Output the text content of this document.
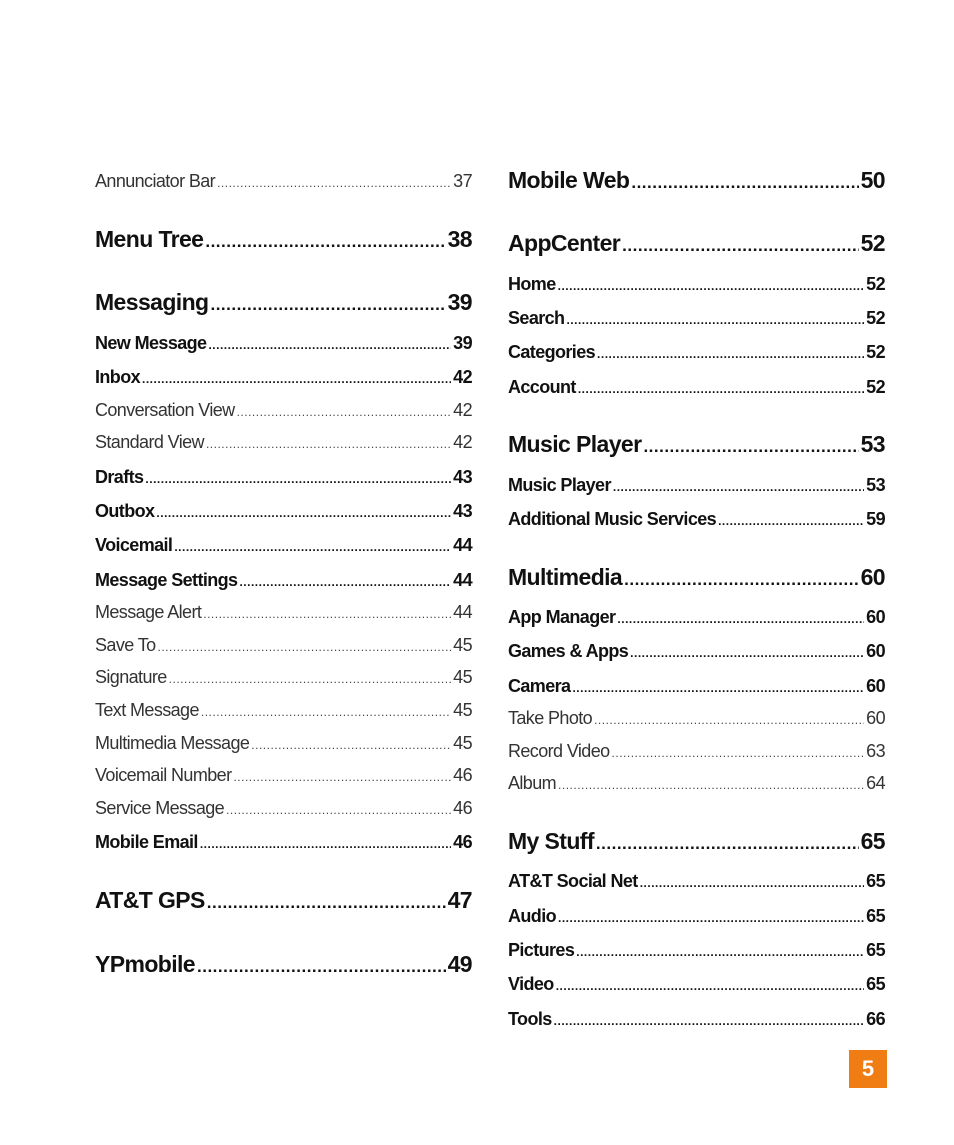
Annunciator Bar .....	37
Menu Tree .....	38
Messaging .....	39
New Message .....	39
Inbox .....	42
Conversation View .....	42
Standard View .....	42
Drafts .....	43
Outbox .....	43
Voicemail .....	44
Message Settings .....	44
Message Alert .....	44
Save To .....	45
Signature .....	45
Text Message .....	45
Multimedia Message .....	45
Voicemail Number .....	46
Service Message .....	46
Mobile Email .....	46
AT&T GPS .....	47
YPmobile .....	49
Mobile Web .....	50
AppCenter .....	52
Home .....	52
Search .....	52
Categories .....	52
Account .....	52
Music Player .....	53
Music Player .....	53
Additional Music Services .....	59
Multimedia .....	60
App Manager .....	60
Games & Apps .....	60
Camera .....	60
Take Photo .....	60
Record Video .....	63
Album .....	64
My Stuff .....	65
AT&T Social Net .....	65
Audio .....	65
Pictures .....	65
Video .....	65
Tools .....	66
5
